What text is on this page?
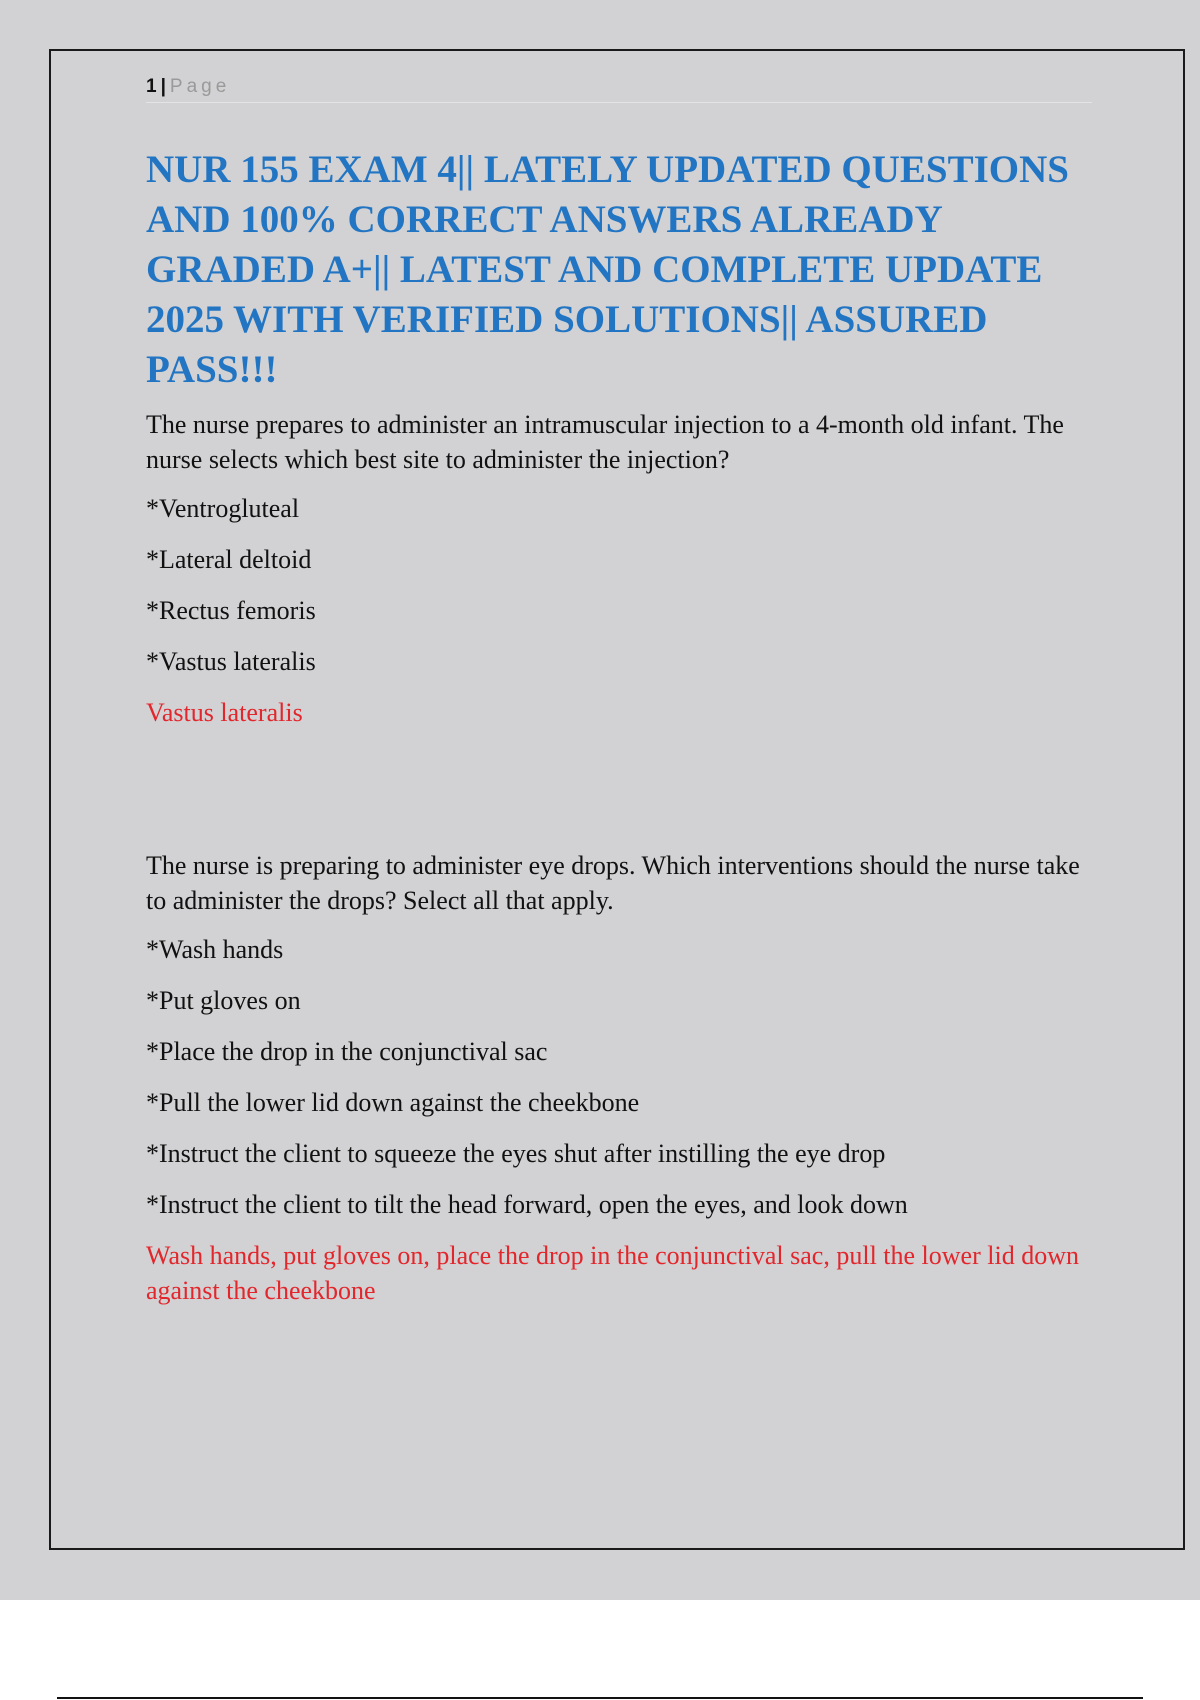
1 | Page
NUR 155 EXAM 4|| LATELY UPDATED QUESTIONS AND 100% CORRECT ANSWERS ALREADY GRADED A+|| LATEST AND COMPLETE UPDATE 2025 WITH VERIFIED SOLUTIONS|| ASSURED PASS!!!

The nurse prepares to administer an intramuscular injection to a 4-month old infant. The nurse selects which best site to administer the injection?

*Ventrogluteal
*Lateral deltoid
*Rectus femoris
*Vastus lateralis

Vastus lateralis

The nurse is preparing to administer eye drops. Which interventions should the nurse take to administer the drops? Select all that apply.

*Wash hands
*Put gloves on
*Place the drop in the conjunctival sac
*Pull the lower lid down against the cheekbone
*Instruct the client to squeeze the eyes shut after instilling the eye drop
*Instruct the client to tilt the head forward, open the eyes, and look down

Wash hands, put gloves on, place the drop in the conjunctival sac, pull the lower lid down against the cheekbone
